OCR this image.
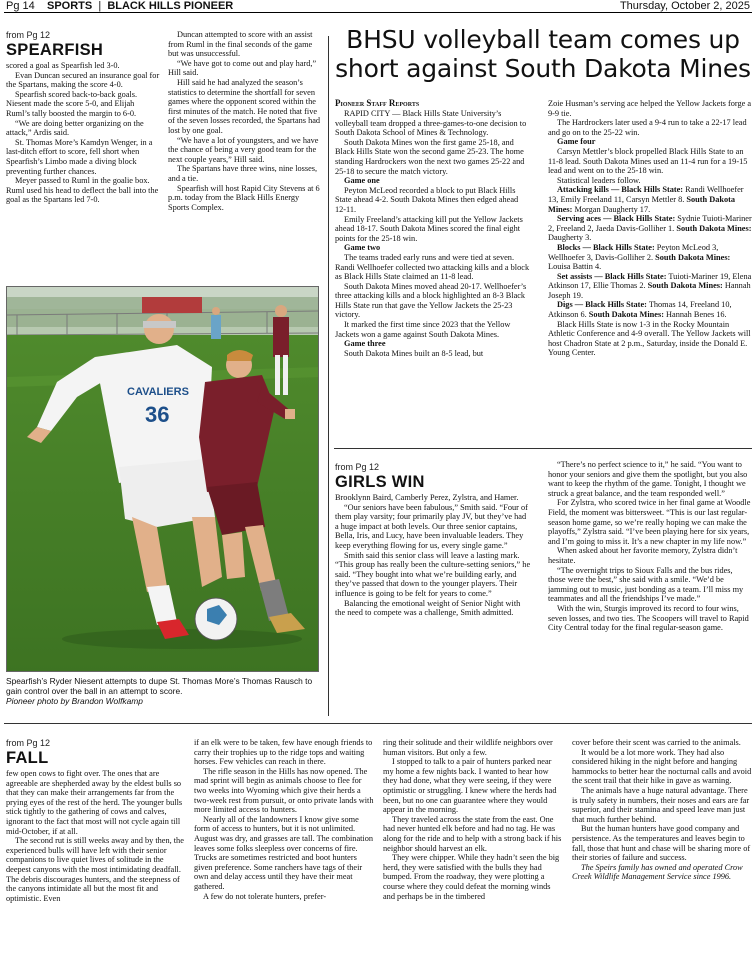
Pg 14 SPORTS | BLACK HILLS PIONEER	Thursday, October 2, 2025
from Pg 12
SPEARFISH

scored a goal as Spearfish led 3-0.

Evan Duncan secured an insurance goal for the Spartans, making the score 4-0.

Spearfish scored back-to-back goals. Niesent made the score 5-0, and Elijah Ruml’s tally boosted the margin to 6-0.

“We are doing better organizing on the attack,” Ardis said.

St. Thomas More’s Kamdyn Wenger, in a last-ditch effort to score, fell short when Spearfish’s Limbo made a diving block preventing further chances.

Meyer passed to Ruml in the goalie box. Ruml used his head to deflect the ball into the goal as the Spartans led 7-0.

Duncan attempted to score with an assist from Ruml in the final seconds of the game but was unsuccessful.

“We have got to come out and play hard,” Hill said.

Hill said he had analyzed the season’s statistics to determine the shortfall for seven games where the opponent scored within the first minutes of the match. He noted that five of the seven losses recorded, the Spartans had lost by one goal.

“We have a lot of youngsters, and we have the chance of being a very good team for the next couple years,” Hill said.

The Spartans have three wins, nine losses, and a tie.

Spearfish will host Rapid City Stevens at 6 p.m. today from the Black Hills Energy Sports Complex.

CAVALIERS
36
Spearfish’s Ryder Niesent attempts to dupe St. Thomas More’s Thomas Rausch to gain control over the ball in an attempt to score.
Pioneer photo by Brandon Wolfkamp
BHSU volleyball team comes up short against South Dakota Mines
Pioneer Staff Reports

RAPID CITY — Black Hills State University’s volleyball team dropped a three-games-to-one decision to South Dakota School of Mines & Technology.

South Dakota Mines won the first game 25-18, and Black Hills State won the second game 25-23. The home standing Hardrockers won the next two games 25-22 and 25-18 to secure the match victory.

Game one

Peyton McLeod recorded a block to put Black Hills State ahead 4-2. South Dakota Mines then edged ahead 12-11.

Emily Freeland’s attacking kill put the Yellow Jackets ahead 18-17. South Dakota Mines scored the final eight points for the 25-18 win.

Game two

The teams traded early runs and were tied at seven. Randi Wellhoefer collected two attacking kills and a block as Black Hills State claimed an 11-8 lead.

South Dakota Mines moved ahead 20-17. Wellhoefer’s three attacking kills and a block highlighted an 8-3 Black Hills State run that gave the Yellow Jackets the 25-23 victory.

It marked the first time since 2023 that the Yellow Jackets won a game against South Dakota Mines.

Game three

South Dakota Mines built an 8-5 lead, but

Zoie Husman’s serving ace helped the Yellow Jackets forge a 9-9 tie.

The Hardrockers later used a 9-4 run to take a 22-17 lead and go on to the 25-22 win.

Game four

Carsyn Mettler’s block propelled Black Hills State to an 11-8 lead. South Dakota Mines used an 11-4 run for a 19-15 lead and went on to the 25-18 win.

Statistical leaders follow.

Attacking kills — Black Hills State: Randi Wellhoefer 13, Emily Freeland 11, Carsyn Mettler 8. South Dakota Mines: Morgan Daugherty 17.

Serving aces — Black Hills State: Sydnie Tuioti-Mariner 2, Freeland 2, Jaeda Davis-Golliher 1. South Dakota Mines: Daugherty 3.

Blocks — Black Hills State: Peyton McLeod 3, Wellhoefer 3, Davis-Golliher 2. South Dakota Mines: Louisa Battin 4.

Set assists — Black Hills State: Tuioti-Mariner 19, Elena Atkinson 17, Ellie Thomas 2. South Dakota Mines: Hannah Joseph 19.

Digs — Black Hills State: Thomas 14, Freeland 10, Atkinson 6. South Dakota Mines: Hannah Benes 16.

Black Hills State is now 1-3 in the Rocky Mountain Athletic Conference and 4-9 overall. The Yellow Jackets will host Chadron State at 2 p.m., Saturday, inside the Donald E. Young Center.

from Pg 12
GIRLS WIN

Brooklynn Baird, Camberly Perez, Zylstra, and Hamer.

“Our seniors have been fabulous,” Smith said. “Four of them play varsity; four primarily play JV, but they’ve had a huge impact at both levels. Our three senior captains, Bella, Iris, and Lucy, have been invaluable leaders. They keep everything flowing for us, every single game.”

Smith said this senior class will leave a lasting mark. “This group has really been the culture-setting seniors,” he said. “They bought into what we’re building early, and they’ve passed that down to the younger players. Their influence is going to be felt for years to come.”

Balancing the emotional weight of Senior Night with the need to compete was a challenge, Smith admitted.

“There’s no perfect science to it,” he said. “You want to honor your seniors and give them the spotlight, but you also want to keep the rhythm of the game. Tonight, I thought we struck a great balance, and the team responded well.”

For Zylstra, who scored twice in her final game at Woodle Field, the moment was bittersweet. “This is our last regular-season home game, so we’re really hoping we can make the playoffs,” Zylstra said. “I’ve been playing here for six years, and I’m going to miss it. It’s a new chapter in my life now.”

When asked about her favorite memory, Zylstra didn’t hesitate.

“The overnight trips to Sioux Falls and the bus rides, those were the best,” she said with a smile. “We’d be jamming out to music, just bonding as a team. I’ll miss my teammates and all the friendships I’ve made.”

With the win, Sturgis improved its record to four wins, seven losses, and two ties. The Scoopers will travel to Rapid City Central today for the final regular-season game.

from Pg 12
FALL

few open cows to fight over. The ones that are agreeable are shepherded away by the eldest bulls so that they can make their arrangements far from the prying eyes of the rest of the herd. The younger bulls stick tightly to the gathering of cows and calves, ignorant to the fact that most will not cycle again till mid-October, if at all.

The second rut is still weeks away and by then, the experienced bulls will have left with their senior companions to live quiet lives of solitude in the deepest canyons with the most intimidating deadfall. The debris discourages hunters, and the steepness of the canyons intimidate all but the most fit and optimistic. Even

if an elk were to be taken, few have enough friends to carry their trophies up to the ridge tops and waiting horses. Few vehicles can reach in there.

The rifle season in the Hills has now opened. The mad sprint will begin as animals choose to flee for two weeks into Wyoming which give their herds a two-week rest from pursuit, or onto private lands with more limited access to hunters.

Nearly all of the landowners I know give some form of access to hunters, but it is not unlimited. August was dry, and grasses are tall. The combination leaves some folks sleepless over concerns of fire. Trucks are sometimes restricted and boot hunters given preference. Some ranchers have tags of their own and delay access until they have their meat gathered.

A few do not tolerate hunters, prefer-

ring their solitude and their wildlife neighbors over human visitors. But only a few.

I stopped to talk to a pair of hunters parked near my home a few nights back. I wanted to hear how they had done, what they were seeing, if they were optimistic or struggling. I knew where the herds had been, but no one can guarantee where they would appear in the morning.

They traveled across the state from the east. One had never hunted elk before and had no tag. He was along for the ride and to help with a strong back if his neighbor should harvest an elk.

They were chipper. While they hadn’t seen the big herd, they were satisfied with the bulls they had bumped. From the roadway, they were plotting a course where they could defeat the morning winds and perhaps be in the timbered

cover before their scent was carried to the animals.

It would be a lot more work. They had also considered hiking in the night before and hanging hammocks to better hear the nocturnal calls and avoid the scent trail that their hike in gave as warning.

The animals have a huge natural advantage. There is truly safety in numbers, their noses and ears are far superior, and their stamina and speed leave man just that much further behind.

But the human hunters have good company and persistence. As the temperatures and leaves begin to fall, those that hunt and chase will be sharing more of their stories of failure and success.

The Speirs family has owned and operated Crow Creek Wildlife Management Service since 1996.
